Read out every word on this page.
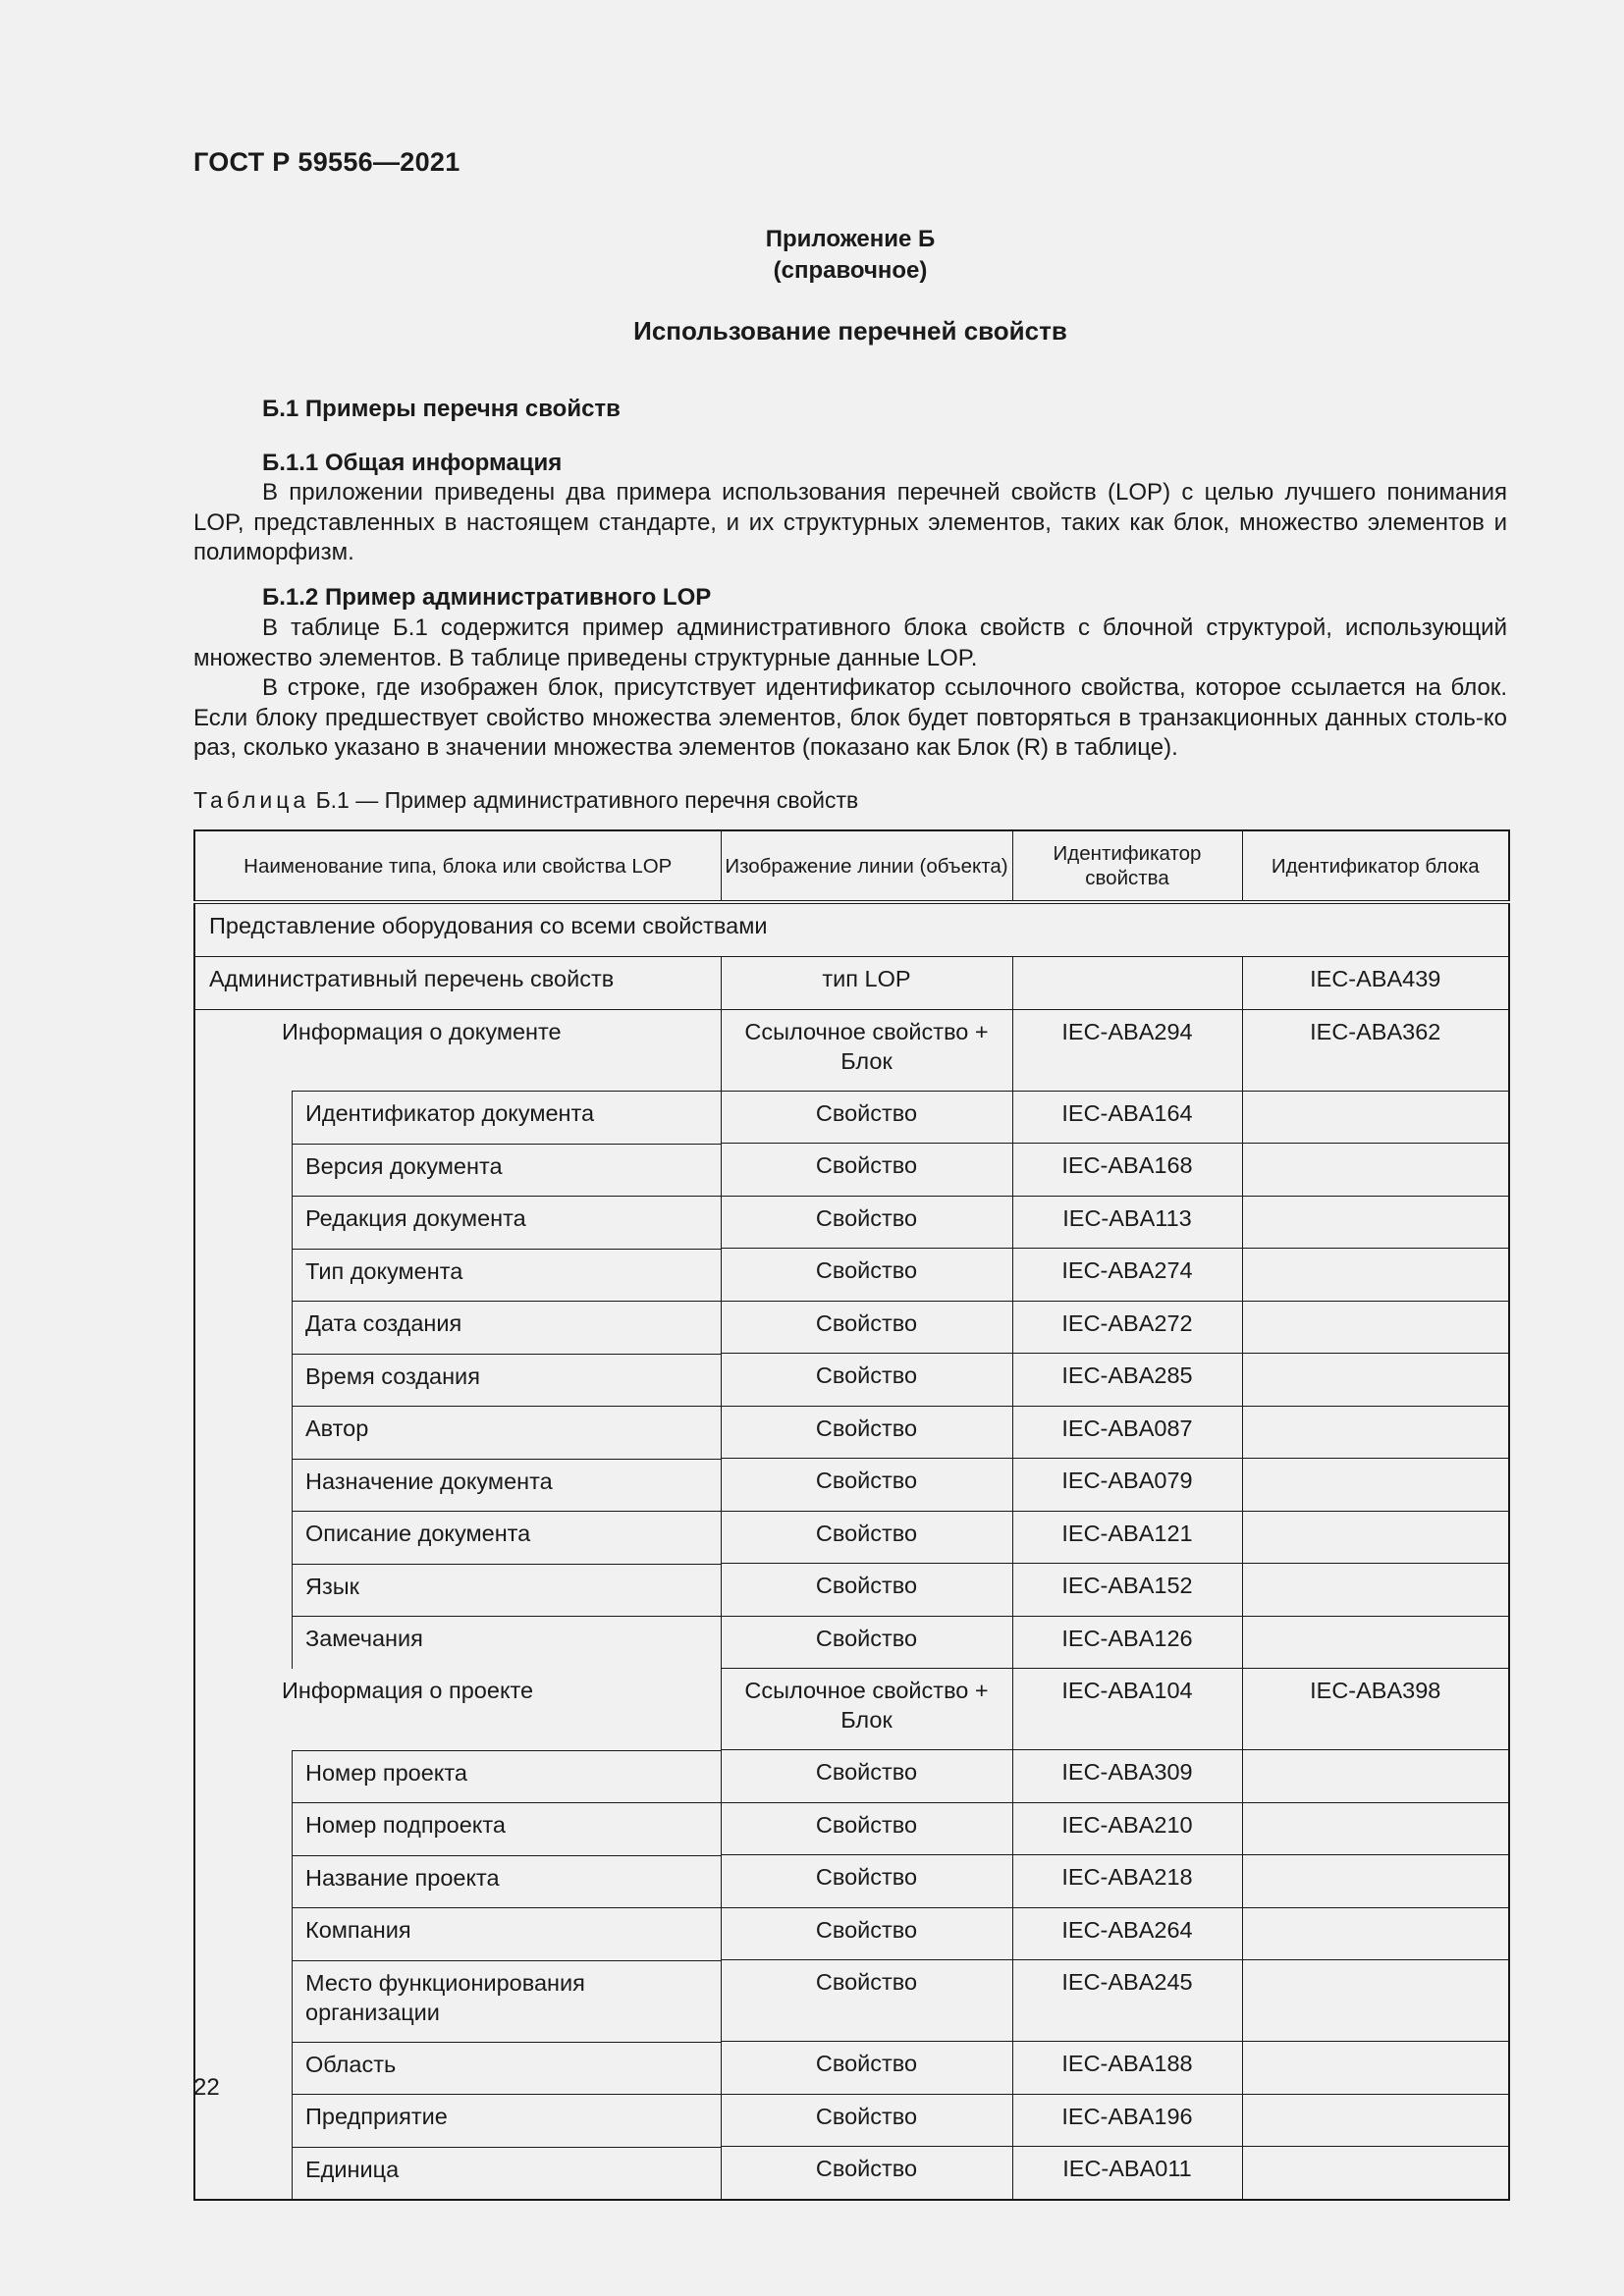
ГОСТ Р 59556—2021
Приложение Б
(справочное)
Использование перечней свойств
Б.1 Примеры перечня свойств
Б.1.1 Общая информация

В приложении приведены два примера использования перечней свойств (LOP) с целью лучшего понимания LOP, представленных в настоящем стандарте, и их структурных элементов, таких как блок, множество элементов и полиморфизм.

Б.1.2 Пример административного LOP

В таблице Б.1 содержится пример административного блока свойств с блочной структурой, использующий множество элементов. В таблице приведены структурные данные LOP.

В строке, где изображен блок, присутствует идентификатор ссылочного свойства, которое ссылается на блок. Если блоку предшествует свойство множества элементов, блок будет повторяться в транзакционных данных столь-ко раз, сколько указано в значении множества элементов (показано как Блок (R) в таблице).

Таблица Б.1 — Пример административного перечня свойств
Наименование типа, блока или свойства LOP	Изображение линии (объекта)	Идентификатор свойства	Идентификатор блока
Представление оборудования со всеми свойствами			

Административный перечень свойств	тип LOP		IEC-ABA439

Информация о документе	Ссылочное свойство + Блок	IEC-ABA294	IEC-ABA362

Идентификатор документа	Свойство	IEC-ABA164	

Версия документа	Свойство	IEC-ABA168	

Редакция документа	Свойство	IEC-ABA113	

Тип документа	Свойство	IEC-ABA274	

Дата создания	Свойство	IEC-ABA272	

Время создания	Свойство	IEC-ABA285	

Автор	Свойство	IEC-ABA087	

Назначение документа	Свойство	IEC-ABA079	

Описание документа	Свойство	IEC-ABA121	

Язык	Свойство	IEC-ABA152	

Замечания	Свойство	IEC-ABA126	

Информация о проекте	Ссылочное свойство + Блок	IEC-ABA104	IEC-ABA398

Номер проекта	Свойство	IEC-ABA309	

Номер подпроекта	Свойство	IEC-ABA210	

Название проекта	Свойство	IEC-ABA218	

Компания	Свойство	IEC-ABA264	

Место функционирования организации	Свойство	IEC-ABA245	

Область	Свойство	IEC-ABA188	

Предприятие	Свойство	IEC-ABA196	

Единица	Свойство	IEC-ABA011	
22
